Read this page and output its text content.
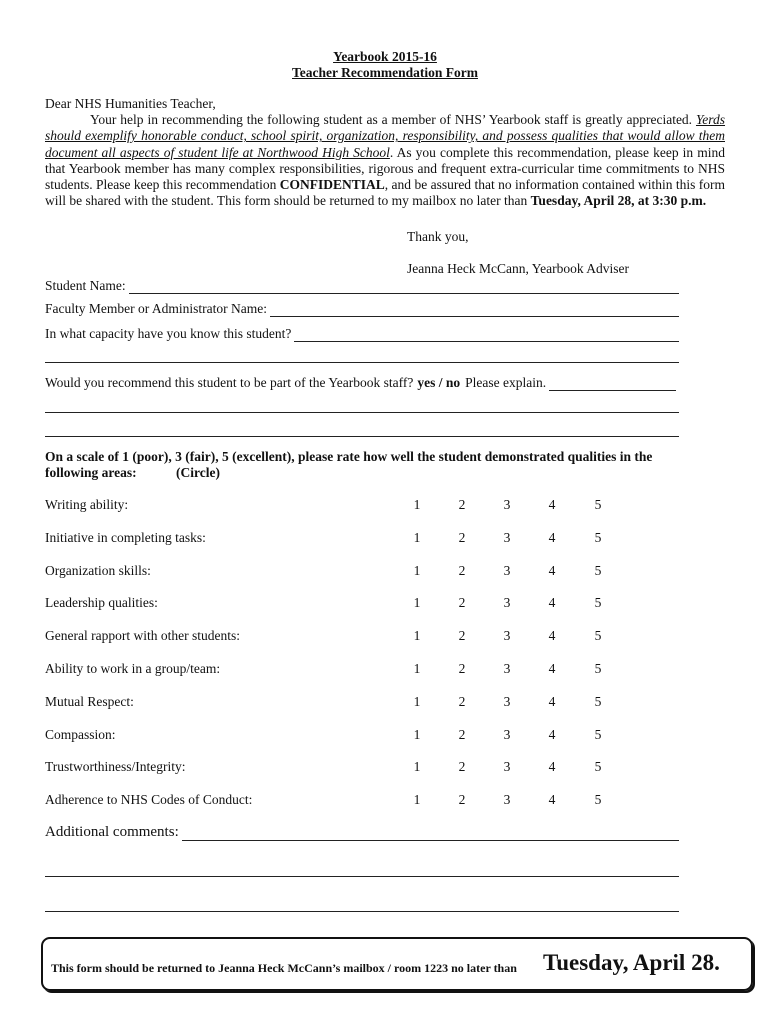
Yearbook 2015-16
Teacher Recommendation Form
Dear NHS Humanities Teacher,
Your help in recommending the following student as a member of NHS’ Yearbook staff is greatly appreciated. Yerds should exemplify honorable conduct, school spirit, organization, responsibility, and possess qualities that would allow them document all aspects of student life at Northwood High School. As you complete this recommendation, please keep in mind that Yearbook member has many complex responsibilities, rigorous and frequent extra-curricular time commitments to NHS students. Please keep this recommendation CONFIDENTIAL, and be assured that no information contained within this form will be shared with the student. This form should be returned to my mailbox no later than Tuesday, April 28, at 3:30 p.m.
Thank you,
Jeanna Heck McCann, Yearbook Adviser
Student Name:
Faculty Member or Administrator Name:
In what capacity have you know this student?
Would you recommend this student to be part of the Yearbook staff? yes / no Please explain.
On a scale of 1 (poor), 3 (fair), 5 (excellent), please rate how well the student demonstrated qualities in the following areas:	(Circle)
Writing ability:	1	2	3	4	5
Initiative in completing tasks:	1	2	3	4	5
Organization skills:	1	2	3	4	5
Leadership qualities:	1	2	3	4	5
General rapport with other students:	1	2	3	4	5
Ability to work in a group/team:	1	2	3	4	5
Mutual Respect:	1	2	3	4	5
Compassion:	1	2	3	4	5
Trustworthiness/Integrity:	1	2	3	4	5
Adherence to NHS Codes of Conduct:	1	2	3	4	5
Additional comments:
This form should be returned to Jeanna Heck McCann’s mailbox / room 1223 no later than Tuesday, April 28.
